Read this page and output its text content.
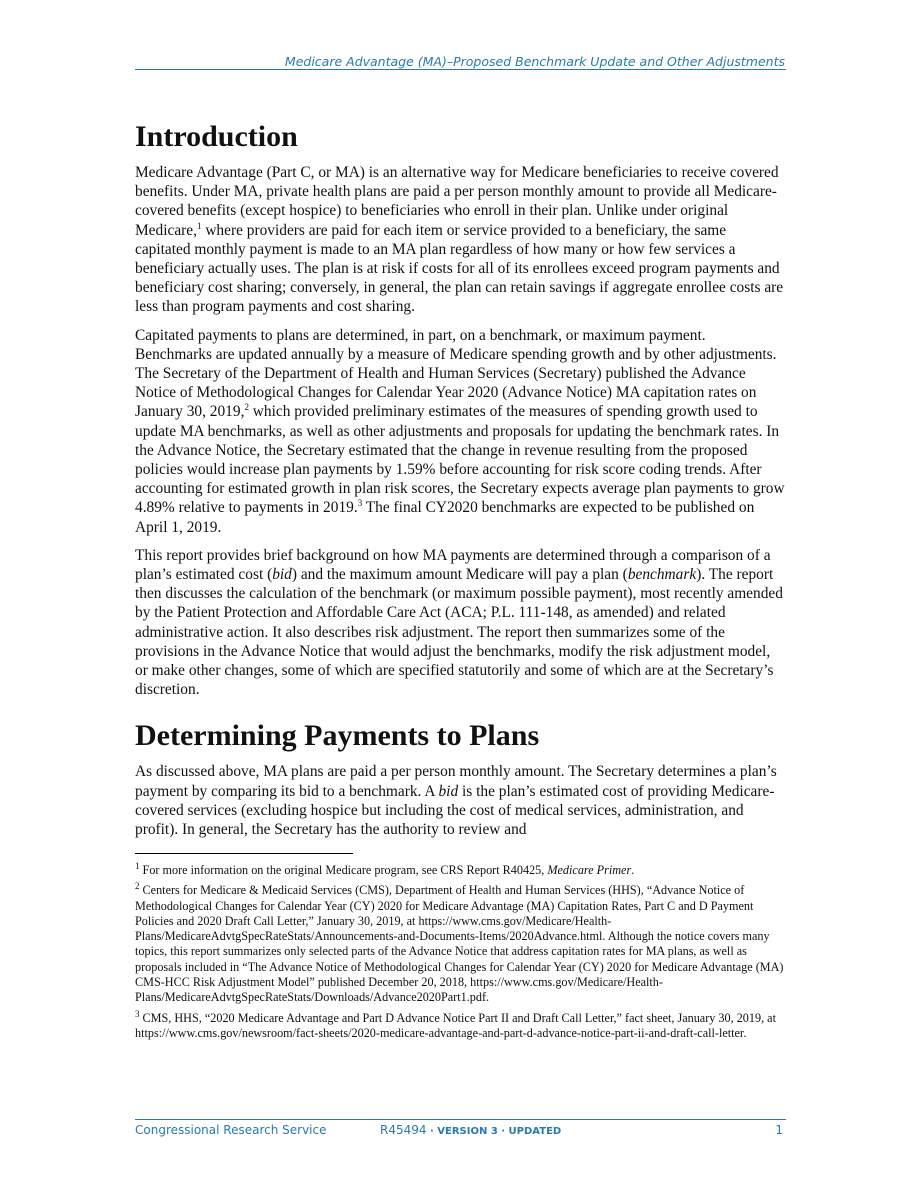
Medicare Advantage (MA)–Proposed Benchmark Update and Other Adjustments
Introduction

Medicare Advantage (Part C, or MA) is an alternative way for Medicare beneficiaries to receive covered benefits. Under MA, private health plans are paid a per person monthly amount to provide all Medicare-covered benefits (except hospice) to beneficiaries who enroll in their plan. Unlike under original Medicare,$^1$ where providers are paid for each item or service provided to a beneficiary, the same capitated monthly payment is made to an MA plan regardless of how many or how few services a beneficiary actually uses. The plan is at risk if costs for all of its enrollees exceed program payments and beneficiary cost sharing; conversely, in general, the plan can retain savings if aggregate enrollee costs are less than program payments and cost sharing.

Capitated payments to plans are determined, in part, on a benchmark, or maximum payment. Benchmarks are updated annually by a measure of Medicare spending growth and by other adjustments. The Secretary of the Department of Health and Human Services (Secretary) published the Advance Notice of Methodological Changes for Calendar Year 2020 (Advance Notice) MA capitation rates on January 30, 2019,$^2$ which provided preliminary estimates of the measures of spending growth used to update MA benchmarks, as well as other adjustments and proposals for updating the benchmark rates. In the Advance Notice, the Secretary estimated that the change in revenue resulting from the proposed policies would increase plan payments by 1.59% before accounting for risk score coding trends. After accounting for estimated growth in plan risk scores, the Secretary expects average plan payments to grow 4.89% relative to payments in 2019.$^3$ The final CY2020 benchmarks are expected to be published on April 1, 2019.

This report provides brief background on how MA payments are determined through a comparison of a plan’s estimated cost (bid) and the maximum amount Medicare will pay a plan (benchmark). The report then discusses the calculation of the benchmark (or maximum possible payment), most recently amended by the Patient Protection and Affordable Care Act (ACA; P.L. 111-148, as amended) and related administrative action. It also describes risk adjustment. The report then summarizes some of the provisions in the Advance Notice that would adjust the benchmarks, modify the risk adjustment model, or make other changes, some of which are specified statutorily and some of which are at the Secretary’s discretion.

Determining Payments to Plans

As discussed above, MA plans are paid a per person monthly amount. The Secretary determines a plan’s payment by comparing its bid to a benchmark. A bid is the plan’s estimated cost of providing Medicare-covered services (excluding hospice but including the cost of medical services, administration, and profit). In general, the Secretary has the authority to review and

$^1$ For more information on the original Medicare program, see CRS Report R40425, Medicare Primer.
$^2$ Centers for Medicare & Medicaid Services (CMS), Department of Health and Human Services (HHS), “Advance Notice of Methodological Changes for Calendar Year (CY) 2020 for Medicare Advantage (MA) Capitation Rates, Part C and D Payment Policies and 2020 Draft Call Letter,” January 30, 2019, at https://www.cms.gov/Medicare/Health-Plans/MedicareAdvtgSpecRateStats/Announcements-and-Documents-Items/2020Advance.html. Although the notice covers many topics, this report summarizes only selected parts of the Advance Notice that address capitation rates for MA plans, as well as proposals included in “The Advance Notice of Methodological Changes for Calendar Year (CY) 2020 for Medicare Advantage (MA) CMS-HCC Risk Adjustment Model” published December 20, 2018, https://www.cms.gov/Medicare/Health-Plans/MedicareAdvtgSpecRateStats/Downloads/Advance2020Part1.pdf.
$^3$ CMS, HHS, “2020 Medicare Advantage and Part D Advance Notice Part II and Draft Call Letter,” fact sheet, January 30, 2019, at https://www.cms.gov/newsroom/fact-sheets/2020-medicare-advantage-and-part-d-advance-notice-part-ii-and-draft-call-letter.
Congressional Research Service	R45494 · VERSION 3 · UPDATED	1
